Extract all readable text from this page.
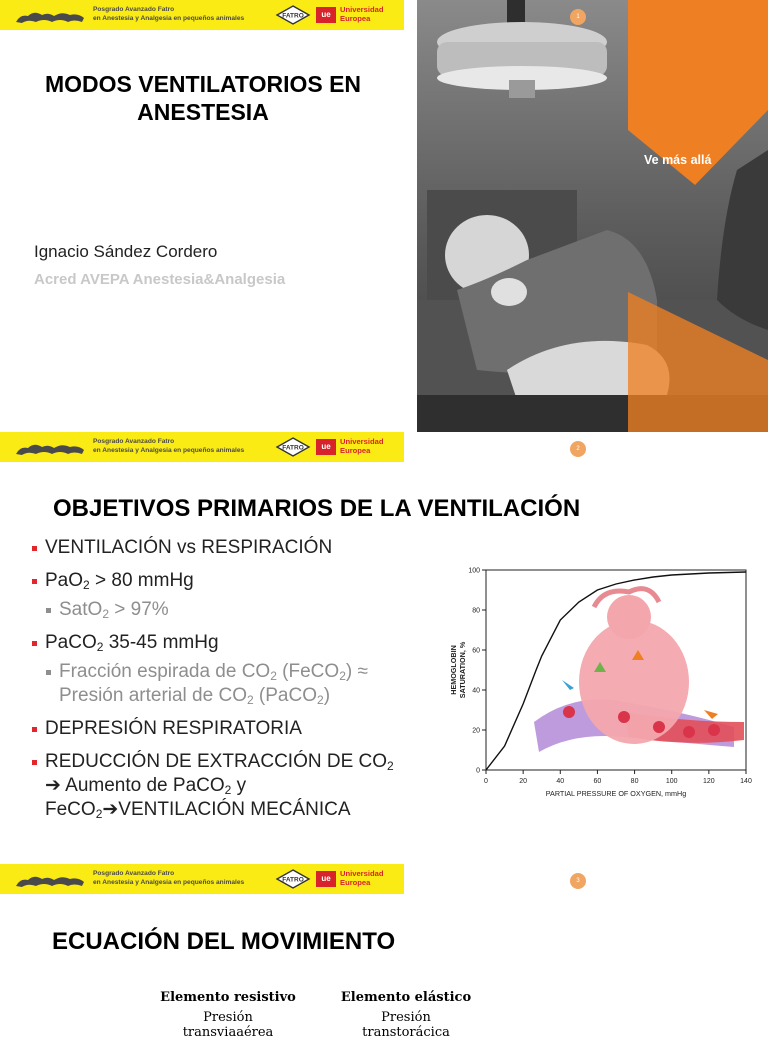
Posgrado Avanzado Fatro
en Anestesia y Analgesia en pequeños animales	FATRO	ue
Universidad
Europea
MODOS VENTILATORIOS EN
ANESTESIA
Ignacio Sández Cordero
Acred AVEPA Anestesia&Analgesia
Ve más allá
1
Posgrado Avanzado Fatro
en Anestesia y Analgesia en pequeños animales	FATRO	ue
Universidad
Europea	2
OBJETIVOS PRIMARIOS DE LA VENTILACIÓN
VENTILACIÓN vs RESPIRACIÓN
PaO$_2$ > 80 mmHg
SatO$_2$ > 97%
PaCO$_2$ 35-45 mmHg
Fracción espirada de $CO_2$ (FeCO$_2$) ≈
Presión arterial de $CO_2$ (PaCO$_2$)
DEPRESIÓN RESPIRATORIA
REDUCCIÓN DE EXTRACCIÓN DE $CO_2$
➔ Aumento de PaCO$_2$ y
FeCO$_2$➔VENTILACIÓN MECÁNICA
0	20	40	60	80	100	120	140
0
20
40
60
80
100
PARTIAL PRESSURE OF OXYGEN, mmHg
HEMOGLOBIN SATURATION, %
Posgrado Avanzado Fatro
en Anestesia y Analgesia en pequeños animales	FATRO	ue
Universidad
Europea	3
ECUACIÓN DEL MOVIMIENTO
Elemento resistivo
Presión transviaaérea
Elemento elástico
Presión transtorácica
